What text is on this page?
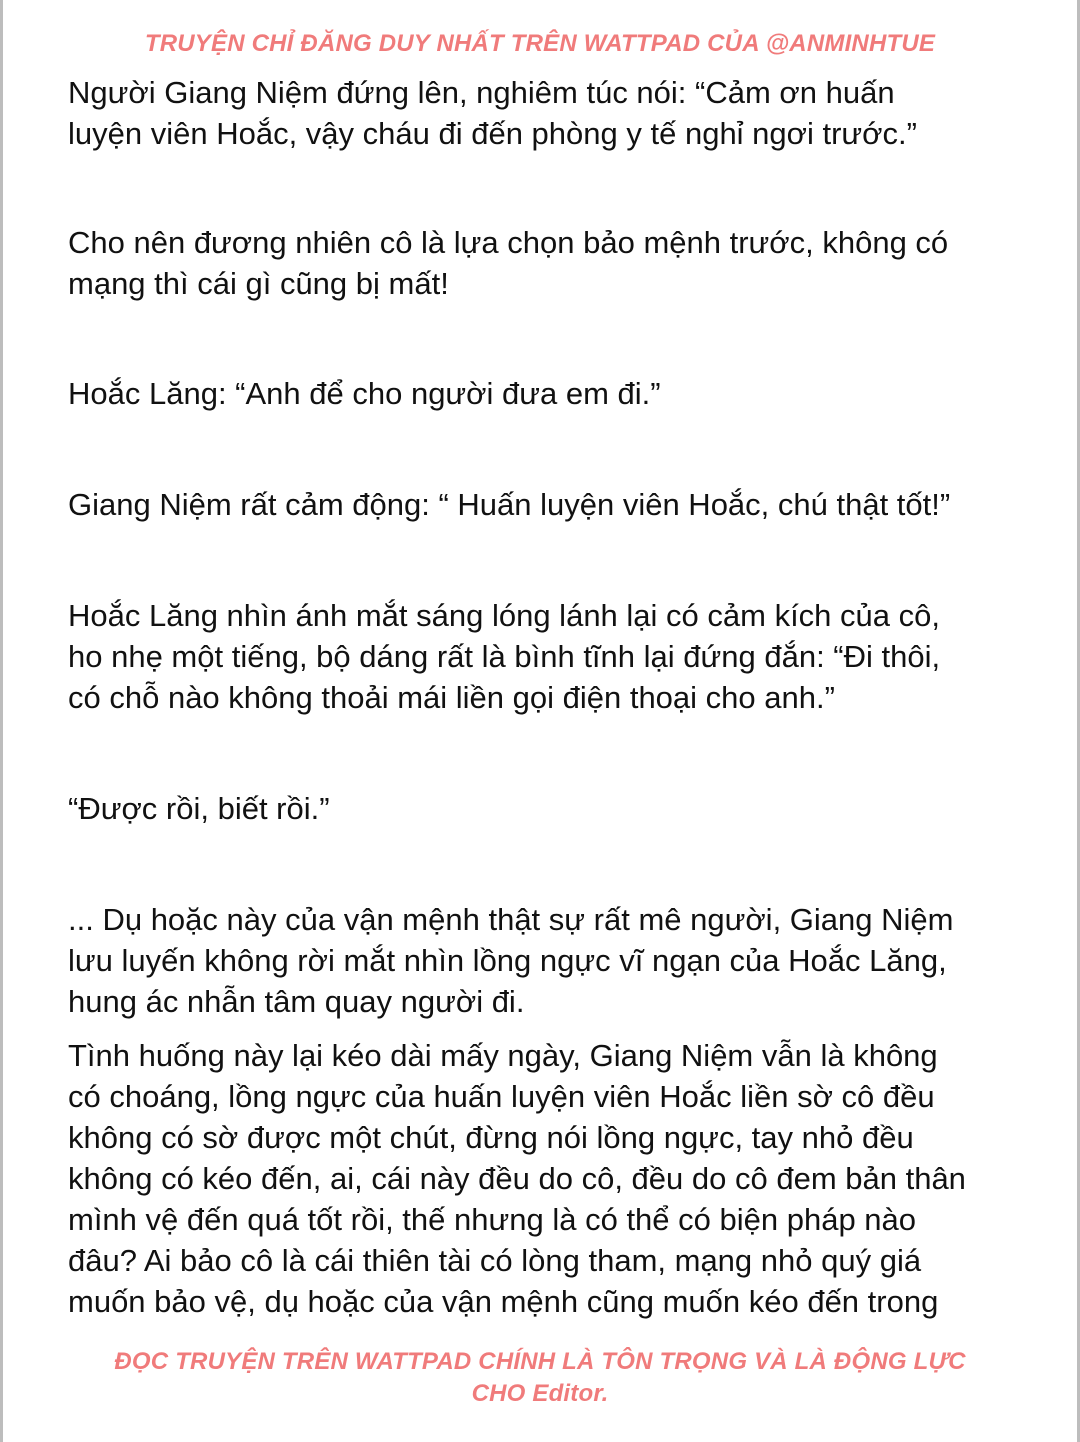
TRUYỆN CHỈ ĐĂNG DUY NHẤT TRÊN WATTPAD CỦA @ANMINHTUE

Người Giang Niệm đứng lên, nghiêm túc nói: “Cảm ơn huấn
luyện viên Hoắc, vậy cháu đi đến phòng y tế nghỉ ngơi trước.”

Cho nên đương nhiên cô là lựa chọn bảo mệnh trước, không có
mạng thì cái gì cũng bị mất!

Hoắc Lăng: “Anh để cho người đưa em đi.”

Giang Niệm rất cảm động: “ Huấn luyện viên Hoắc, chú thật tốt!”

Hoắc Lăng nhìn ánh mắt sáng lóng lánh lại có cảm kích của cô,
ho nhẹ một tiếng, bộ dáng rất là bình tĩnh lại đứng đắn: “Đi thôi,
có chỗ nào không thoải mái liền gọi điện thoại cho anh.”

“Được rồi, biết rồi.”

... Dụ hoặc này của vận mệnh thật sự rất mê người, Giang Niệm
lưu luyến không rời mắt nhìn lồng ngực vĩ ngạn của Hoắc Lăng,
hung ác nhẫn tâm quay người đi.

Tình huống này lại kéo dài mấy ngày, Giang Niệm vẫn là không
có choáng, lồng ngực của huấn luyện viên Hoắc liền sờ cô đều
không có sờ được một chút, đừng nói lồng ngực, tay nhỏ đều
không có kéo đến, ai, cái này đều do cô, đều do cô đem bản thân
mình vệ đến quá tốt rồi, thế nhưng là có thể có biện pháp nào
đâu? Ai bảo cô là cái thiên tài có lòng tham, mạng nhỏ quý giá
muốn bảo vệ, dụ hoặc của vận mệnh cũng muốn kéo đến trong

ĐỌC TRUYỆN TRÊN WATTPAD CHÍNH LÀ TÔN TRỌNG VÀ LÀ ĐỘNG LỰC
CHO Editor.
